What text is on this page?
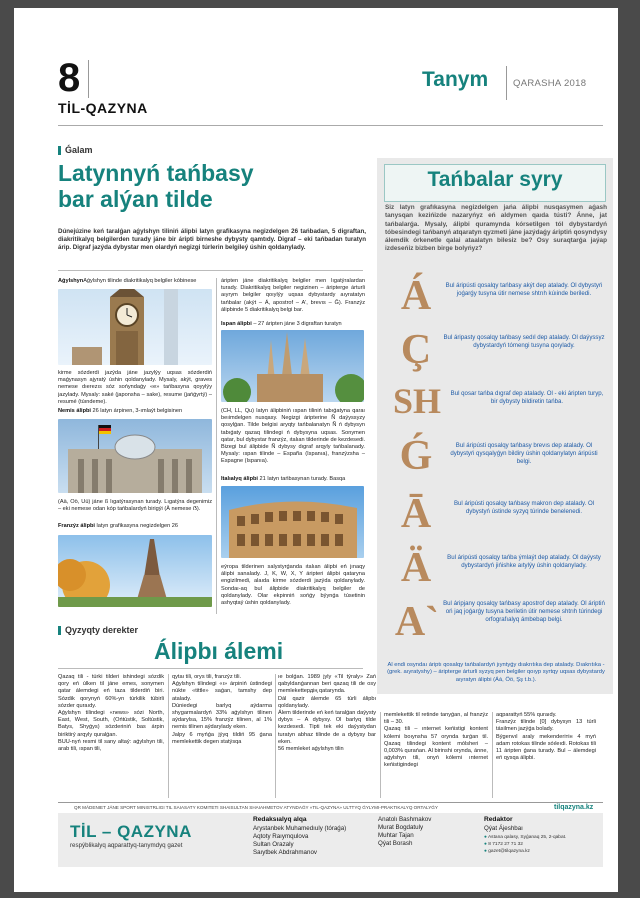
8
TİL-QAZYNA
Tanym	QARASHA 2018
Ǵalam
Latynnyń tańbasy
bar alýan tilde
Dúnejúzine keń taralǵan aǵylshyn tiliniń álipbi latyn grafikasyna negizdelgen 26 tańbadan, 5 digraftan, diakritikalyq belgilerden turady jáne bir áripti birneshe dybysty qamtıdy. Digraf – eki tańbadan turatyn árip. Digraf jazýda dybystar men olardyń negizgi túrlerin belgileý úshin qoldanylady.
AǵylshynAǵylshyn tilinde diakritikalyq belgiler kóbinese
kirme sózderdi jazýda jáne jazylýy uqsas sózderdiń maǵynasyn ajyratý úshin qoldanylady. Mysaly, akýt, graves nemese dıerezıs sóz sońyndaǵy «e» tańbasyna qoyylýy jazylady. Mysaly: saké (japonsha – sake), resume (jańǵyrtý) – resumé (túındeme).
Nemis álipbi 26 latyn árpinen, 3-ımlaýt belgisinen
(Ää, Öö, Üü) jáne ß lıgatýrasynan turady. Lıgatýra degenimiz – eki nemese odan kóp tańbalardyń birigýi (Ä nemese ẞ).
Franzýz álipbi latyn grafikasyna negizdelgen 26
áripten jáne diakritikalyq belgiler men lıgatýralardan turady. Diakritikalyq belgiler negizinen – áripterge árturli aıyrym belgiler qoıylýy uqsas dybystardy aıyratatyn tańbalar (akýt – Á, apostrof – A', brevıs – Ğ). Franzýz álipbinde 5 diakritikalyq belgi bar.
Ispan álipbi – 27 áripten jáne 3 digraftan turatyn
(CH, LL, Qu) latyn álipbiniń ıspan tiliniń tabıǵatyna qaraı beıimdelgen nusqasy. Negizgi áripterine Ñ daýyssyzy qosylǵan. Tilde belgisi aryqty tańbalanatyn Ñ ń dybysyn tabıǵaty qazaq tilindegi ń dybysyna uqsas. Sonymen qatar, bul dybystar franzýz, ıtalıan tilderinde de kezdesedi. Bizegi bul álipbide Ñ dybysy dıgraf arqyly tańbalanady. Mysaly: ıspan tilinde – España (Ispanıa), franzýzsha – Espagne (Ispanıa).
Italıalyq álipbi 21 latyn tańbasynan turady. Basqa
eýropa tilderinen salystyrǵanda ıtalıan álipbi eń jınaqy álipbi sanalady. J, K, W, X, Y áripteri álipbi qataryna engizilmedi, alaıda kirme sózderdi jazýda qoldanylady. Sondaı-aq bul álipbide diakritikalyq belgiler de qoldanylady. Olar ekpinniń sońǵy býynǵa túsetinin ashyqtaý úshin qoldanylady.
Tańbalar syry
Siz latyn grafıkasyna negizdelgen jańa álipbi nusqasymen aǵash tanysqan kezińizde nazaryńyz eń aldymen qaıda tústi? Ánne, jat tańbalarǵa. Mysaly, álipbi quramynda kórsetilgen tól dybystardyń tóbesindegi tańbanyń atqaratyn qyzmeti jáne jazýdaǵy áriptiń qosyndysy álemdik órkenetle qalai ataalatyn bilesiz be? Osy suraqtarǵa jaýap izdeseńiz bizben birge bolyńyz?
Á	Bul áripústi qosalqy tańbasy akýt dep atalady. Ol dybystyń joǵarǵy tusyna útir nemese shtrıh kúıinde beriledi.
Ç	Bul áripasty qosalqy tańbasy sedıl dep atalady. Ol daýyssyz dybystardyń tómengi tusyna qoıylady.
SH	Bul qosar tańba dıgraf dep atalady. Ol - eki áripten turyp, bir dybysty bildiretin tańba.
Ǵ	Bul áripústi qosalqy tańbasy brevıs dep atalady. Ol dybystyń qysqalyǵyn bildiry úshin qoldanylatyn áripústi belgi.
Ā	Bul áripústi qosalqy tańbasy makron dep atalady. Ol dybystyń ústinde syzyq túrinde benelenedi.
Ä	Bul áripústi qosalqy tańba ýmlaýt dep atalady. Ol daýysty dybystardyń jińishke aıtylýy úshin qoldanylady.
A` Bul áripjany qosalqy tańbasy apostrof dep atalady. Ol áriptiń oń jaq joǵarǵy tusyna beriletin útir nemese shtrıh túrindegi orfografıalyq ámbebap belgi.
Al endi osyndaı áriptı qosalqy tańbalardyń jıyntyǵy dıakrıtıka dep atalady. Dıakrıtıka - (grek. aıyratyshy) – áripterge árturli syzyq pen belgiler qoıyp syrtqy uqsas dybystardy aıyratyn álipbi (Áá, Öö, Şş t.b.).
Qyzyqty derekter
Álipbı álemi
Qazaq tili - túrki tilderi ishindegi sózdik qory eń úlken til jáne emes, sonymen qatar álemdegi eń taza tilderdiń biri. Sózdik qorynyń 60%-yn túrkilik túbirli sózder quraıdy.
Aǵylshyn tilindegi «news» sózi North, East, West, South, (Ońtústik, Soltústik, Batys, Shyǵys) sózderiniń bas árpin biriktirý arqyly quralǵan.
BUU-nyń resmi til sany altaý: aǵylshyn tili, arab tili, ıspan tili,
qytaı tili, orys tili, franzýz tili.
Aǵylshyn tilindegi «ı» árpiniń ústindegi núkte «tittle» saǵan, tamshy dep atalady.
Dúniedegi barlyq aýdarma shygarmalardyń 33% aǵylshyn tilinen aýdarylsa, 15% franzýz tilinen, al 1% nemis tilinen aýdarylady eken.
Jalpy 6 myńǵa jýyq tildiń 95 ǵana memlekettik degen statýsqa
ıe bolǵan. 1989 jyly «Til týraly» Zań qabyldanǵannan beri qazaq tili de osy memlekettердің qatarynda.
Dál qazir álemde 65 túrli álipbı qoldanylady.
Álem tilderinde eń keń taralǵan daýysty dybys – A dybysy. Ol barlyq tilde kezdesedi. Tipti tek eki daýystydan turatyn abhaz tilinde de a dybysy bar eken.
56 memleket aǵylshyn tilin
memlekettik til retinde tanyǵan, al franzýz tili – 30.
Qazaq tili – ınternet keńistigi kontent kólemi boıynsha 57 orynda turǵan til. Qazaq tilindegi kontent mólsheri – 0,003% qurańan. Al birinshi oryndа, ánne, aǵylshyn tili, onyń kólemi ınternet keńistigindegi
aqparattyń 55% quraıdy.
Franzýz tilinde [0] dybysyn 13 túrli tásilmen jazýǵa bolady.
Býgenvıl araly mekendeгітін 4 myń adam rotokas tilinde sóıleıdi. Rotokas tili 11 áripten ǵana turady. Bul – álemdegi eń qysqa álipbi.
QR MÁDENIET JÁNE SPORT MINISTRLIGI TIL SAIASATY KOMITETI SHAISULTAN SHAIAHMETOV ATYNDAǴY «TIL-QAZYNA» ULTTYQ ǴYLYMI-PRAKTIKALYQ ORTALYǴY	tilqazyna.kz
TİL – QAZYNA
respýblikalyq aqparattyq-tanymdyq gazet
Redaksıalyq alqa
Arystanbek Muhamedıuly (tóraǵa)
Aqtoty Raıymqulova
Sultan Orazaly
Saıytbek Abdrahmanov
Anatolı Bashmakov
Murat Bogdatuly
Muhtar Tajan
Qýat Borash
Redaktor
Qýat Ájeshbaı
● Astana qalasy, Syǵanaq 25, 2-qabat.
● 8 7172 27 71 32
● gazet@tilqazyna.kz
